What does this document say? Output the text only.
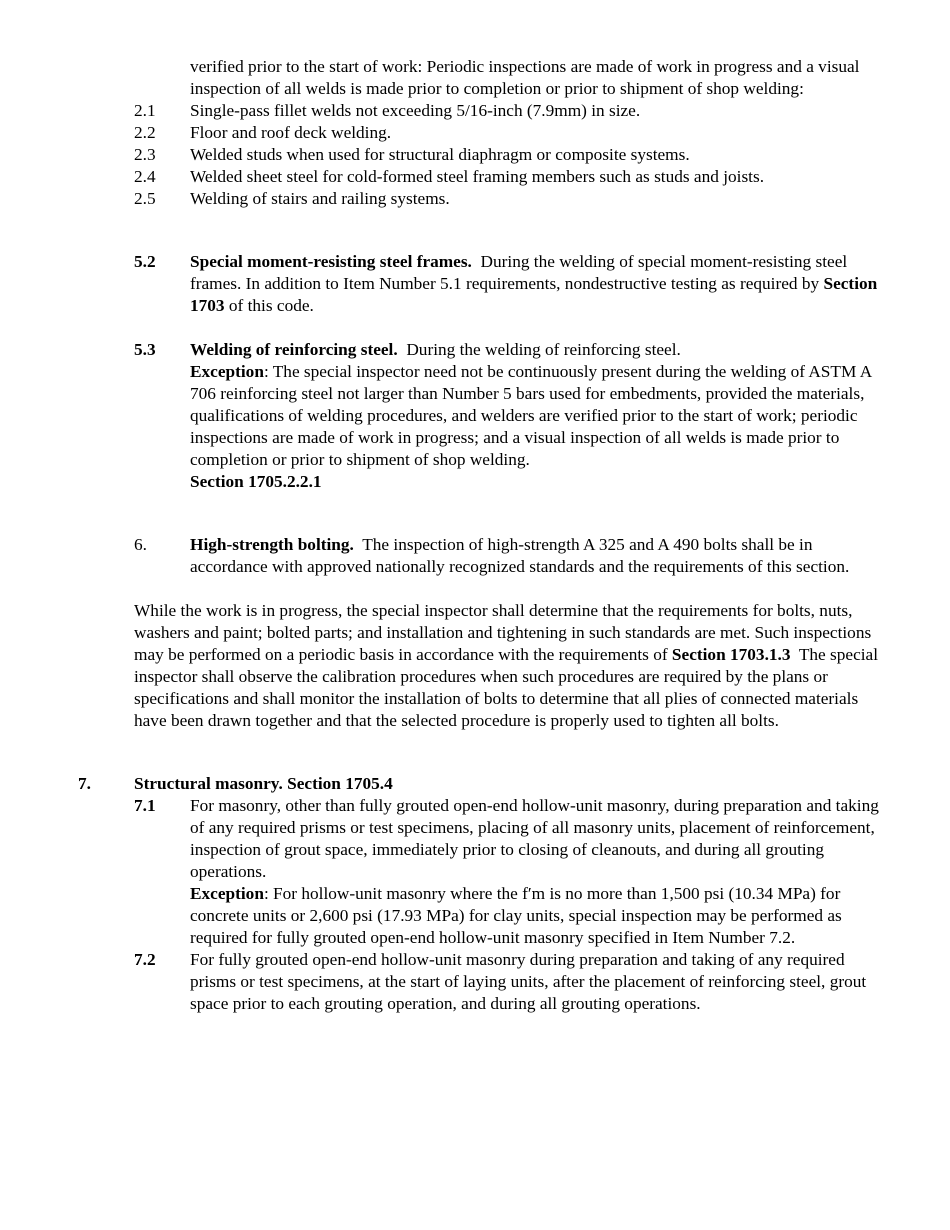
verified prior to the start of work: Periodic inspections are made of work in progress and a visual inspection of all welds is made prior to completion or prior to shipment of shop welding:
2.1 Single-pass fillet welds not exceeding 5/16-inch (7.9mm) in size.
2.2 Floor and roof deck welding.
2.3 Welded studs when used for structural diaphragm or composite systems.
2.4 Welded sheet steel for cold-formed steel framing members such as studs and joists.
2.5 Welding of stairs and railing systems.
5.2 Special moment-resisting steel frames. During the welding of special moment-resisting steel frames. In addition to Item Number 5.1 requirements, nondestructive testing as required by Section 1703 of this code.
5.3 Welding of reinforcing steel. During the welding of reinforcing steel.
Exception: The special inspector need not be continuously present during the welding of ASTM A 706 reinforcing steel not larger than Number 5 bars used for embedments, provided the materials, qualifications of welding procedures, and welders are verified prior to the start of work; periodic inspections are made of work in progress; and a visual inspection of all welds is made prior to completion or prior to shipment of shop welding.
Section 1705.2.2.1
6. High-strength bolting. The inspection of high-strength A 325 and A 490 bolts shall be in accordance with approved nationally recognized standards and the requirements of this section.
While the work is in progress, the special inspector shall determine that the requirements for bolts, nuts, washers and paint; bolted parts; and installation and tightening in such standards are met. Such inspections may be performed on a periodic basis in accordance with the requirements of Section 1703.1.3 The special inspector shall observe the calibration procedures when such procedures are required by the plans or specifications and shall monitor the installation of bolts to determine that all plies of connected materials have been drawn together and that the selected procedure is properly used to tighten all bolts.
7. Structural masonry. Section 1705.4
7.1 For masonry, other than fully grouted open-end hollow-unit masonry, during preparation and taking of any required prisms or test specimens, placing of all masonry units, placement of reinforcement, inspection of grout space, immediately prior to closing of cleanouts, and during all grouting operations.
Exception: For hollow-unit masonry where the f′m is no more than 1,500 psi (10.34 MPa) for concrete units or 2,600 psi (17.93 MPa) for clay units, special inspection may be performed as required for fully grouted open-end hollow-unit masonry specified in Item Number 7.2.
7.2 For fully grouted open-end hollow-unit masonry during preparation and taking of any required prisms or test specimens, at the start of laying units, after the placement of reinforcing steel, grout space prior to each grouting operation, and during all grouting operations.
